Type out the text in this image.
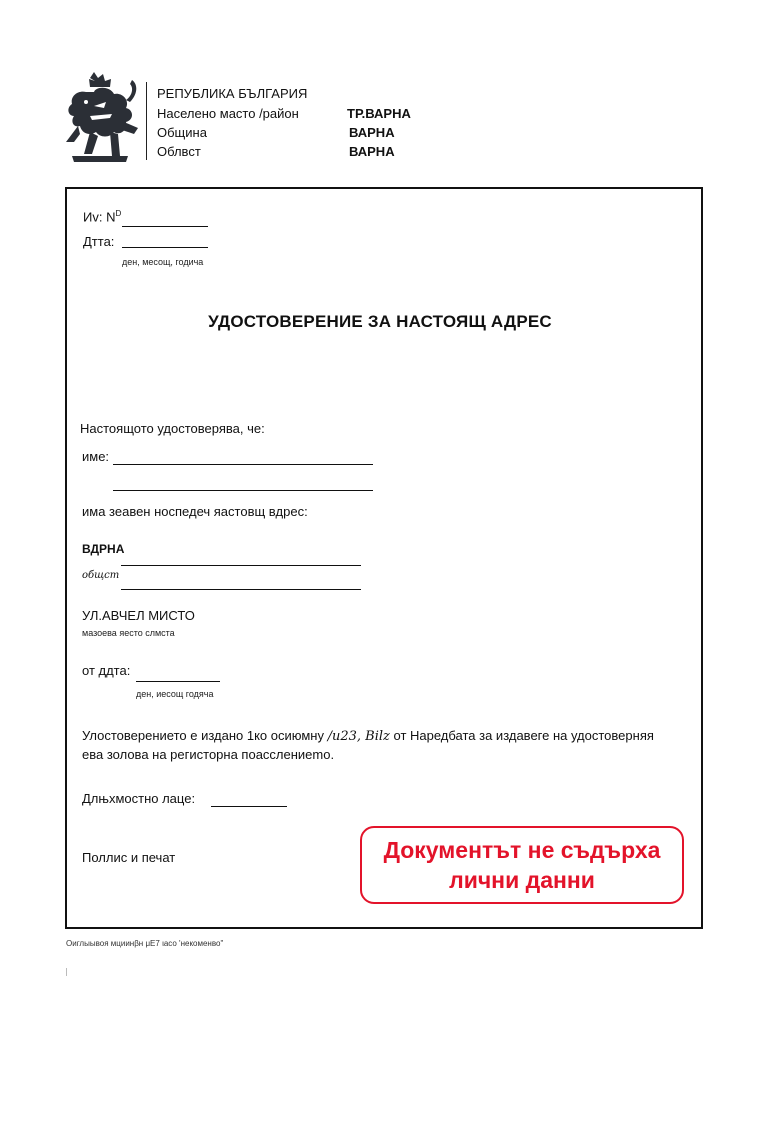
РЕПУБЛИКА БЪЛГАРИЯ
Населено масто /район	ТР.ВАРНА
Община	ВАРНА
Облвст	ВАРНА
Иv: $N^D$
Дтта:
ден, месощ, годича
УДОСТОВЕРЕНИЕ ЗА НАСТОЯЩ АДРЕС
Настоящото удостоверява, че:
име:
има зеавен носпедеч яастовщ вдрес:
ВДРНА
общст
УЛ.АВЧЕЛ МИСТО
мазоева яесто слмста
от ддта:
ден, иесощ годяча
Улостоверението е издано 1ко осиюмну /u23, Bilz от Наредбата за издавеге на удостоверняя
ева золова на регисторна поасслениеmо.
Длњхмостно лаце:
Поллис и печат	Документът не съдърха
лични данни
Оиглыывоя мциинβн μЕ7 ιасо 'некоменво"
